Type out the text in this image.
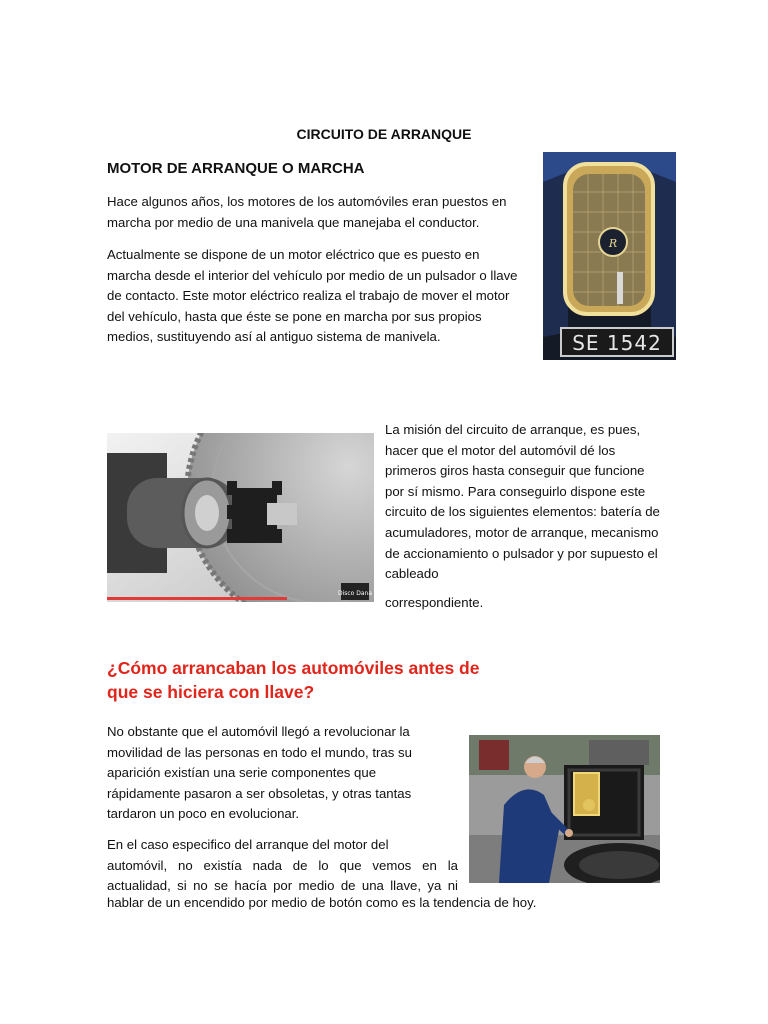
CIRCUITO DE ARRANQUE
MOTOR DE ARRANQUE O MARCHA

Hace algunos años, los motores de los automóviles eran puestos en marcha por medio de una manivela que manejaba el conductor.

Actualmente se dispone de un motor eléctrico que es puesto en marcha desde el interior del vehículo por medio de un pulsador o llave de contacto. Este motor eléctrico realiza el trabajo de mover el motor del vehículo, hasta que éste se pone en marcha por sus propios medios, sustituyendo así al antiguo sistema de manivela.

R
SE 1542
Disco Dana

La misión del circuito de arranque, es pues, hacer que el motor del automóvil dé los primeros giros hasta conseguir que funcione por sí mismo. Para conseguirlo dispone este circuito de los siguientes elementos: batería de acumuladores, motor de arranque, mecanismo de accionamiento o pulsador y por supuesto el cableado

correspondiente.

¿Cómo arrancaban los automóviles antes de que se hiciera con llave?

No obstante que el automóvil llegó a revolucionar la movilidad de las personas en todo el mundo, tras su aparición existían una serie componentes que rápidamente pasaron a ser obsoletas, y otras tantas tardaron un poco en evolucionar.

En el caso especifico del arranque del motor del

automóvil, no existía nada de lo que vemos en la

actualidad, si no se hacía por medio de una llave, ya ni

hablar de un encendido por medio de botón como es la tendencia de hoy.
